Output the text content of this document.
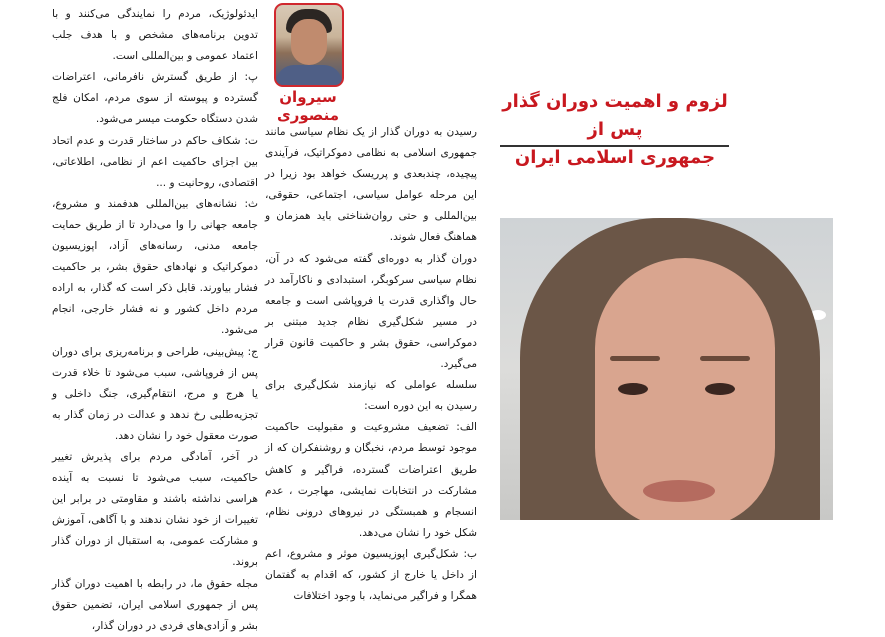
ایدئولوژیک، مردم را نمایندگی می‌کنند و با تدوین برنامه‌های مشخص و با هدف جلب اعتماد عمومی و بین‌المللی است.

پ: از طریق گسترش نافرمانی، اعتراضات گسترده و پیوسته از سوی مردم، امکان فلج شدن دستگاه حکومت میسر می‌شود.

ت: شکاف حاکم در ساختار قدرت و عدم اتحاد بین اجزای حاکمیت اعم از نظامی، اطلاعاتی، اقتصادی، روحانیت و ...

ث: نشانه‌های بین‌المللی هدفمند و مشروع، جامعه جهانی را وا می‌دارد تا از طریق حمایت جامعه مدنی، رسانه‌های آزاد، اپوزیسیون دموکراتیک و نهادهای حقوق بشر، بر حاکمیت فشار بیاورند. قابل ذکر است که گذار، به اراده مردم داخل کشور و نه فشار خارجی، انجام می‌شود.

ج: پیش‌بینی، طراحی و برنامه‌ریزی برای دوران پس از فروپاشی، سبب می‌شود تا خلاء قدرت یا هرج و مرج، انتقام‌گیری، جنگ داخلی و تجزیه‌طلبی رخ ندهد و عدالت در زمان گذار به صورت معقول خود را نشان دهد.

در آخر، آمادگی مردم برای پذیرش تغییر حاکمیت، سبب می‌شود تا نسبت به آینده هراسی نداشته باشند و مقاومتی در برابر این تغییرات از خود نشان ندهند و با آگاهی، آموزش و مشارکت عمومی، به استقبال از دوران گذار بروند.

مجله حقوق ما، در رابطه با اهمیت دوران گذار پس از جمهوری اسلامی ایران، تضمین حقوق بشر و آزادی‌های فردی در دوران گذار،

سیروان منصوری

رسیدن به دوران گذار از یک نظام سیاسی مانند جمهوری اسلامی به نظامی دموکراتیک، فرآیندی پیچیده، چندبعدی و پرریسک خواهد بود زیرا در این مرحله عوامل سیاسی، اجتماعی، حقوقی، بین‌المللی و حتی روان‌شناختی باید همزمان و هماهنگ فعال شوند.

دوران گذار به دوره‌ای گفته می‌شود که در آن، نظام سیاسی سرکوبگر، استبدادی و ناکارآمد در حال واگذاری قدرت یا فروپاشی است و جامعه در مسیر شکل‌گیری نظام جدید مبتنی بر دموکراسی، حقوق بشر و حاکمیت قانون قرار می‌گیرد.

سلسله عواملی که نیازمند شکل‌گیری برای رسیدن به این دوره است:

الف: تضعیف مشروعیت و مقبولیت حاکمیت موجود توسط مردم، نخبگان و روشنفکران که از طریق اعتراضات گسترده، فراگیر و کاهش مشارکت در انتخابات نمایشی، مهاجرت ، عدم انسجام و همبستگی در نیروهای درونی نظام، شکل خود را نشان می‌دهد.

ب: شکل‌گیری اپوزیسیون موثر و مشروع، اعم از داخل یا خارج از کشور، که اقدام به گفتمان همگرا و فراگیر می‌نماید، با وجود اختلافات

لزوم و اهمیت دوران گذار پس از
جمهوری اسلامی ایران
